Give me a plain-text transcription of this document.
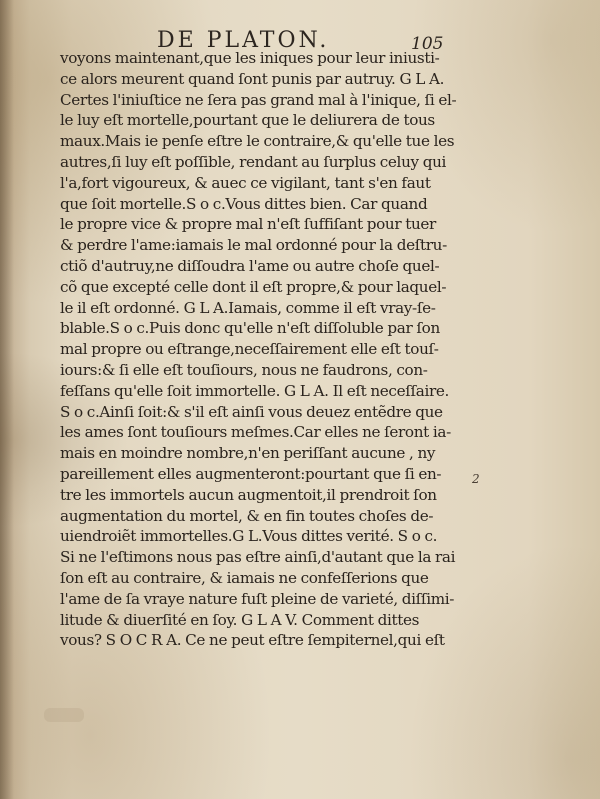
DE PLATON.	105
voyons maintenant,que les iniques pour leur iniusti-
ce alors meurent quand ſont punis par autruy. G L A.
Certes l'iniuſtice ne ſera pas grand mal à l'inique, ſi el-
le luy eſt mortelle,pourtant que le deliurera de tous
maux.Mais ie penſe eſtre le contraire,& qu'elle tue les
autres,ſi luy eſt poſſible, rendant au ſurplus celuy qui
l'a,fort vigoureux, & auec ce vigilant, tant s'en faut
que ſoit mortelle.S o c.Vous dittes bien. Car quand
le propre vice & propre mal n'eſt ſuffiſant pour tuer
& perdre l'ame:iamais le mal ordonné pour la deſtru-
ctiõ d'autruy,ne diſſoudra l'ame ou autre choſe quel-
cõ que excepté celle dont il eſt propre,& pour laquel-
le il eſt ordonné. G L A.Iamais, comme il eſt vray-ſe-
blable.S o c.Puis donc qu'elle n'eſt diſſoluble par ſon
mal propre ou eſtrange,neceſſairement elle eſt touſ-
iours:& ſi elle eſt touſiours, nous ne faudrons, con-
feſſans qu'elle ſoit immortelle. G L A. Il eſt neceſſaire.
S o c.Ainſi ſoit:& s'il eſt ainſi vous deuez entẽdre que
les ames ſont touſiours meſmes.Car elles ne ſeront ia-
mais en moindre nombre,n'en periſſant aucune , ny
pareillement elles augmenteront:pourtant que ſi en-
tre les immortels aucun augmentoit,il prendroit ſon
augmentation du mortel, & en fin toutes choſes de-
uiendroiẽt immortelles.G L.Vous dittes verité. S o c.
Si ne l'eſtimons nous pas eſtre ainſi,d'autant que la rai
ſon eſt au contraire, & iamais ne confeſſerions que
l'ame de ſa vraye nature fuſt pleine de varieté, diſſimi-
litude & diuerſité en ſoy. G L A V. Comment dittes
vous? S O C R A. Ce ne peut eſtre ſempiternel,qui eſt
2
